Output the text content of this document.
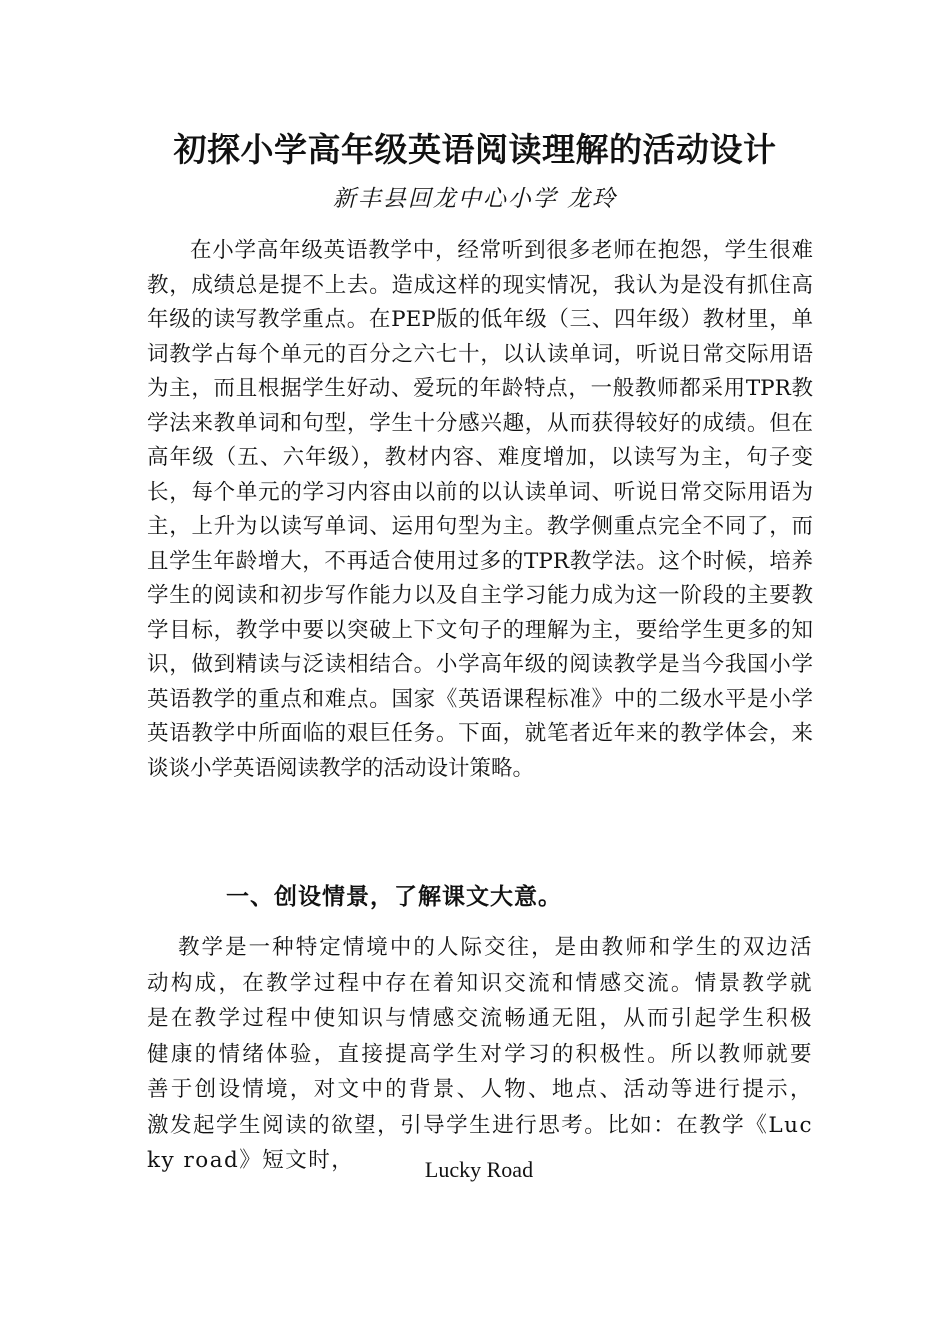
初探小学高年级英语阅读理解的活动设计

新丰县回龙中心小学 龙玲

在小学高年级英语教学中，经常听到很多老师在抱怨，学生很难教，成绩总是提不上去。造成这样的现实情况，我认为是没有抓住高年级的读写教学重点。在PEP版的低年级（三、四年级）教材里，单词教学占每个单元的百分之六七十，以认读单词，听说日常交际用语为主，而且根据学生好动、爱玩的年龄特点，一般教师都采用TPR教学法来教单词和句型，学生十分感兴趣，从而获得较好的成绩。但在高年级（五、六年级），教材内容、难度增加，以读写为主，句子变长，每个单元的学习内容由以前的以认读单词、听说日常交际用语为主，上升为以读写单词、运用句型为主。教学侧重点完全不同了，而且学生年龄增大，不再适合使用过多的TPR教学法。这个时候，培养学生的阅读和初步写作能力以及自主学习能力成为这一阶段的主要教学目标，教学中要以突破上下文句子的理解为主，要给学生更多的知识，做到精读与泛读相结合。小学高年级的阅读教学是当今我国小学英语教学的重点和难点。国家《英语课程标准》中的二级水平是小学英语教学中所面临的艰巨任务。下面，就笔者近年来的教学体会，来谈谈小学英语阅读教学的活动设计策略。

一、创设情景，了解课文大意。

教学是一种特定情境中的人际交往，是由教师和学生的双边活动构成，在教学过程中存在着知识交流和情感交流。情景教学就是在教学过程中使知识与情感交流畅通无阻，从而引起学生积极健康的情绪体验，直接提高学生对学习的积极性。所以教师就要善于创设情境，对文中的背景、人物、地点、活动等进行提示，激发起学生阅读的欲望，引导学生进行思考。比如：在教学《Lucky road》短文时，	Lucky Road
